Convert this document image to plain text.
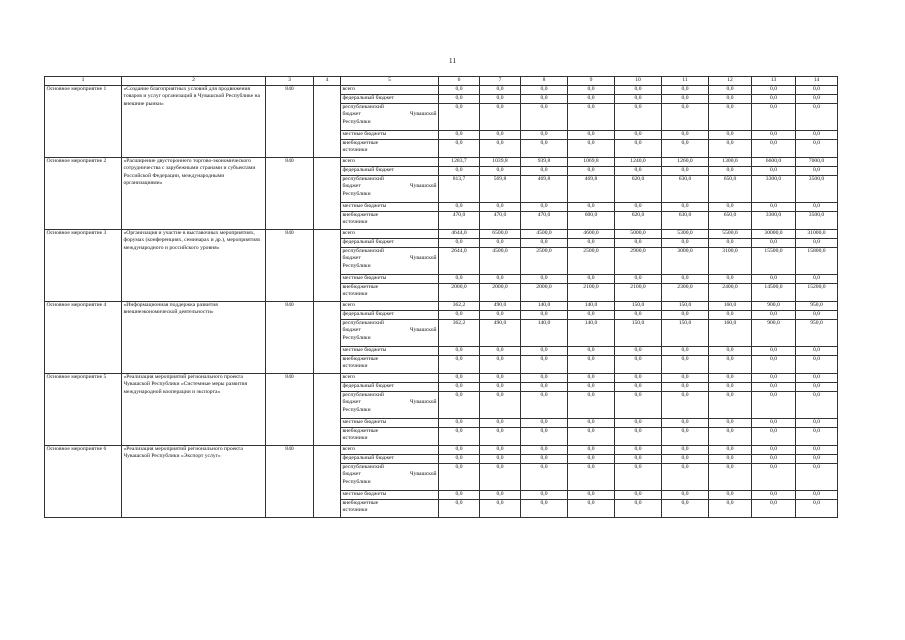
11
1	2	3	4	5	6	7	8	9	10	11	12	13	14
Основное мероприятие 1	«Создание благоприятных условий для продвижения товаров и услуг организаций в Чувашской Республике на внешние рынки»	840		всего	0,0	0,0	0,0	0,0	0,0	0,0	0,0	0,0	0,0
				федеральный бюджет	0,0	0,0	0,0	0,0	0,0	0,0	0,0	0,0	0,0

				республиканский
бюджет Чувашской
Республики	0,0	0,0	0,0	0,0	0,0	0,0	0,0	0,0	0,0
				местные бюджеты	0,0	0,0	0,0	0,0	0,0	0,0	0,0	0,0	0,0

				внебюджетные
источники	0,0	0,0	0,0	0,0	0,0	0,0	0,0	0,0	0,0
Основное мероприятие 2	«Расширение двустороннего торгово-экономического сотрудничества с зарубежными странами и субъектами Российской Федерации, международными организациями»	840		всего	1283,7	1039,8	939,8	1069,8	1240,0	1260,0	1300,0	6600,0	7000,0
				федеральный бюджет	0,0	0,0	0,0	0,0	0,0	0,0	0,0	0,0	0,0

				республиканский
бюджет Чувашской
Республики	813,7	569,8	469,8	469,8	620,0	630,0	650,0	3300,0	3500,0
				местные бюджеты	0,0	0,0	0,0	0,0	0,0	0,0	0,0	0,0	0,0

				внебюджетные
источники	470,0	470,0	470,0	600,0	620,0	630,0	650,0	3300,0	3500,0
Основное мероприятие 3	«Организация и участие в выставочных мероприятиях, форумах (конференциях, семинарах и др.), мероприятиях международного и российского уровня»	840		всего	4644,0	6500,0	4500,0	4600,0	5000,0	5300,0	5500,0	30000,0	31000,0
				федеральный бюджет	0,0	0,0	0,0	0,0	0,0	0,0	0,0	0,0	0,0

				республиканский
бюджет Чувашской
Республики	2644,0	4500,0	2500,0	2500,0	2900,0	3000,0	3100,0	15500,0	15800,0
				местные бюджеты	0,0	0,0	0,0	0,0	0,0	0,0	0,0	0,0	0,0

				внебюджетные
источники	2000,0	2000,0	2000,0	2100,0	2100,0	2300,0	2400,0	14500,0	15200,0
Основное мероприятие 4	«Информационная поддержка развития внешнеэкономической деятельности»	840		всего	362,2	490,0	140,0	140,0	150,0	150,0	160,0	900,0	950,0
				федеральный бюджет	0,0	0,0	0,0	0,0	0,0	0,0	0,0	0,0	0,0

				республиканский
бюджет Чувашской
Республики	362,2	490,0	140,0	140,0	150,0	150,0	160,0	900,0	950,0
				местные бюджеты	0,0	0,0	0,0	0,0	0,0	0,0	0,0	0,0	0,0

				внебюджетные
источники	0,0	0,0	0,0	0,0	0,0	0,0	0,0	0,0	0,0
Основное мероприятие 5	«Реализация мероприятий регионального проекта Чувашской Республики «Системные меры развития международной кооперации и экспорта»	840		всего	0,0	0,0	0,0	0,0	0,0	0,0	0,0	0,0	0,0
				федеральный бюджет	0,0	0,0	0,0	0,0	0,0	0,0	0,0	0,0	0,0

				республиканский
бюджет Чувашской
Республики	0,0	0,0	0,0	0,0	0,0	0,0	0,0	0,0	0,0
				местные бюджеты	0,0	0,0	0,0	0,0	0,0	0,0	0,0	0,0	0,0

				внебюджетные
источники	0,0	0,0	0,0	0,0	0,0	0,0	0,0	0,0	0,0
Основное мероприятие 6	«Реализация мероприятий регионального проекта Чувашской Республики «Экспорт услуг»	840		всего	0,0	0,0	0,0	0,0	0,0	0,0	0,0	0,0	0,0
				федеральный бюджет	0,0	0,0	0,0	0,0	0,0	0,0	0,0	0,0	0,0

				республиканский
бюджет Чувашской
Республики	0,0	0,0	0,0	0,0	0,0	0,0	0,0	0,0	0,0
				местные бюджеты	0,0	0,0	0,0	0,0	0,0	0,0	0,0	0,0	0,0

				внебюджетные
источники	0,0	0,0	0,0	0,0	0,0	0,0	0,0	0,0	0,0
